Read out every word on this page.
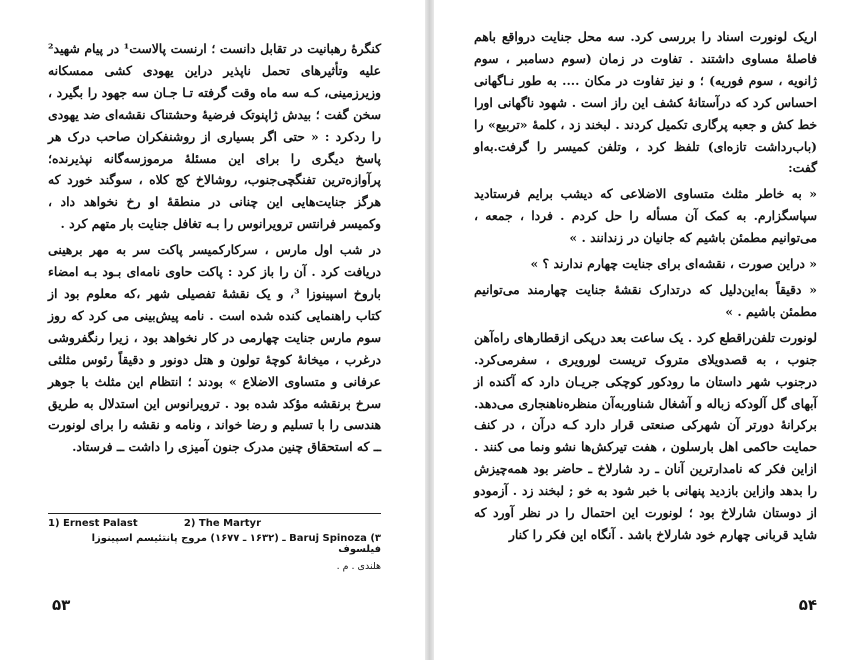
کنگرهٔ رهبانیت در تقابل دانست ؛ ارنست پالاست¹ در پیام شهید² علیه وتأثیرهای تحمل ناپذیر دراین یهودی کشی ممسکانه وزیرزمینی، کـه سه ماه وقت گرفته تـا جـان سه جهود را بگیرد ، سخن گفت ؛ بیدش ژاپنوتک فرضیهٔ وحشتناک نقشه‌ای ضد یهودی را ردکرد : « حتی اگر بسیاری از روشنفکران صاحب درک هر پاسخ دیگری را برای این مسئلهٔ مرموزسه‌گانه نپذیرنده؛ پرآوازه‌ترین تفنگچی‌جنوب، روشالاخ کج کلاه ، سوگند خورد که هرگز جنایت‌هایی این چنانی در منطقهٔ او رخ نخواهد داد ، وکمیسر فرانتس ترویرانوس را بـه تغافل جنایت بار متهم کرد .

در شب اول مارس ، سرکارکمیسر پاکت سر به مهر برهینی دریافت کرد . آن را باز کرد : پاکت حاوی نامه‌ای بـود بـه امضاء باروخ اسپینوزا ³، و یک نقشهٔ تفصیلی شهر ،که معلوم بود از کتاب راهنمایی کنده شده است . نامه پیش‌بینی می کرد که روز سوم مارس جنایت چهارمی در کار نخواهد بود ، زیرا رنگفروشی درغرب ، میخانهٔ کوچهٔ تولون و هتل دونور و دقیقاً رئوس مثلثی عرفانی و متساوی الاضلاع » بودند ؛ انتظام این مثلث با جوهر سرخ برنقشه مؤکد شده بود . ترویرانوس این استدلال به طریق هندسی را با تسلیم و رضا خواند ، ونامه و نقشه را برای لونورت ــ که استحقاق چنین مدرک جنون آمیزی را داشت ــ فرستاد.

1) Ernest Palast	2) The Martyr
Baruj Spinoza (۳ ـ (۱۶۳۲ ـ ۱۶۷۷) مروج پانتئیسم اسپینوزا فیلسوف
هلندی . م .
۵۳

اریک لونورت اسناد را بررسی کرد. سه محل جنایت درواقع باهم فاصلهٔ مساوی داشتند . تفاوت در زمان (سوم دسامبر ، سوم ژانویه ، سوم فوریه) ؛ و نیز تفاوت در مکان .... به طور نـاگهانی احساس کرد که درآستانهٔ کشف این راز است . شهود ناگهانی اورا خط کش و جعبه پرگاری تکمیل کردند . لبخند زد ، کلمهٔ «تربیع» را (باب‌رداشت تازه‌ای) تلفظ کرد ، وتلفن کمیسر را گرفت.به‌او گفت:

« به خاطر مثلث متساوی الاضلاعی که دیشب برایم فرستادید سپاسگزارم. به کمک آن مسأله را حل کردم . فردا ، جمعه ، می‌توانیم مطمئن باشیم که جانیان در زندانند . »

« دراین صورت ، نقشه‌ای برای جنایت چهارم ندارند ؟ »

« دقیقاً به‌این‌دلیل که درتدارک نقشهٔ جنایت چهارمند می‌توانیم مطمئن باشیم . »

لونورت تلفن‌راقطع کرد . یک ساعت بعد درپکی ازقطارهای راه‌آهن جنوب ، به قصدویلای متروک تریست لورویری ، سفرمی‌کرد. درجنوب شهر داستان ما رودکور کوچکی جریـان دارد که آکنده از آبهای گل آلودکه زباله و آشغال شناوربه‌آن منظره‌ناهنجاری می‌دهد. برکرانهٔ دورتر آن شهرکی صنعتی قرار دارد کـه درآن ، در کنف حمایت حاکمی اهل بارسلون ، هفت تیرکش‌ها نشو ونما می کنند . ازاین فکر که نامدارترین آنان ـ رد شارلاخ ـ حاضر بود همه‌چیزش را بدهد وازاین بازدید پنهانی با خبر شود به خو ; لبخند زد . آزمودو از دوستان شارلاخ بود ؛ لونورت این احتمال را در نظر آورد که شاید قربانی چهارم خود شارلاخ باشد . آنگاه این فکر را کنار

۵۴
